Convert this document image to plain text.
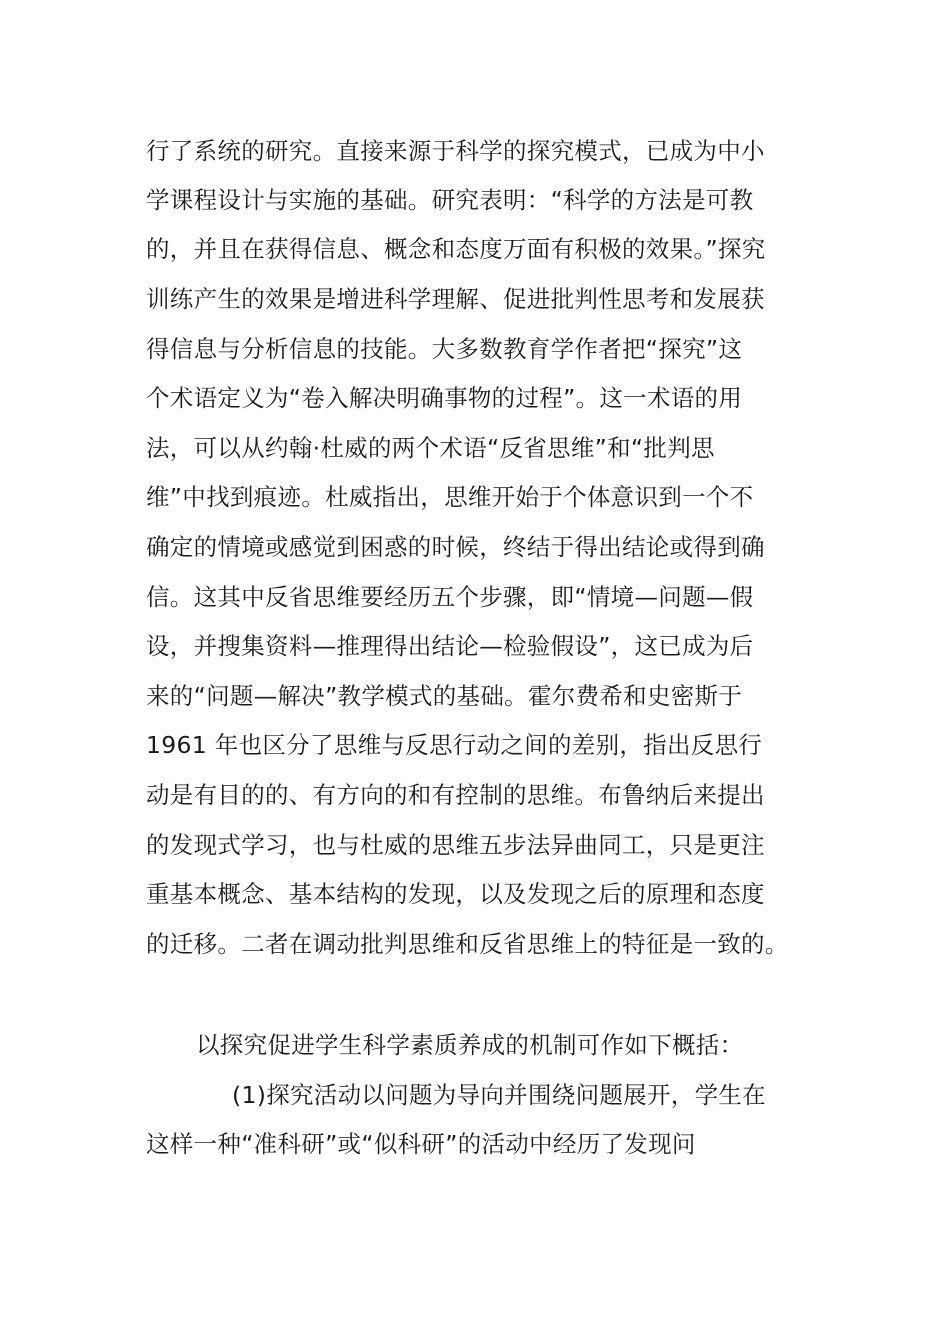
行了系统的研究。直接来源于科学的探究模式，已成为中小
学课程设计与实施的基础。研究表明：“科学的方法是可教
的，并且在获得信息、概念和态度万面有积极的效果。”探究
训练产生的效果是增进科学理解、促进批判性思考和发展获
得信息与分析信息的技能。大多数教育学作者把“探究”这
个术语定义为“卷入解决明确事物的过程”。这一术语的用
法，可以从约翰·杜威的两个术语“反省思维”和“批判思
维”中找到痕迹。杜威指出，思维开始于个体意识到一个不
确定的情境或感觉到困惑的时候，终结于得出结论或得到确
信。这其中反省思维要经历五个步骤，即“情境—问题—假
设，并搜集资料—推理得出结论—检验假设”，这已成为后
来的“问题—解决”教学模式的基础。霍尔费希和史密斯于
1961 年也区分了思维与反思行动之间的差别，指出反思行
动是有目的的、有方向的和有控制的思维。布鲁纳后来提出
的发现式学习，也与杜威的思维五步法异曲同工，只是更注
重基本概念、基本结构的发现，以及发现之后的原理和态度
的迁移。二者在调动批判思维和反省思维上的特征是一致的。
以探究促进学生科学素质养成的机制可作如下概括：
(1)探究活动以问题为导向并围绕问题展开，学生在
这样一种“准科研”或“似科研”的活动中经历了发现问
